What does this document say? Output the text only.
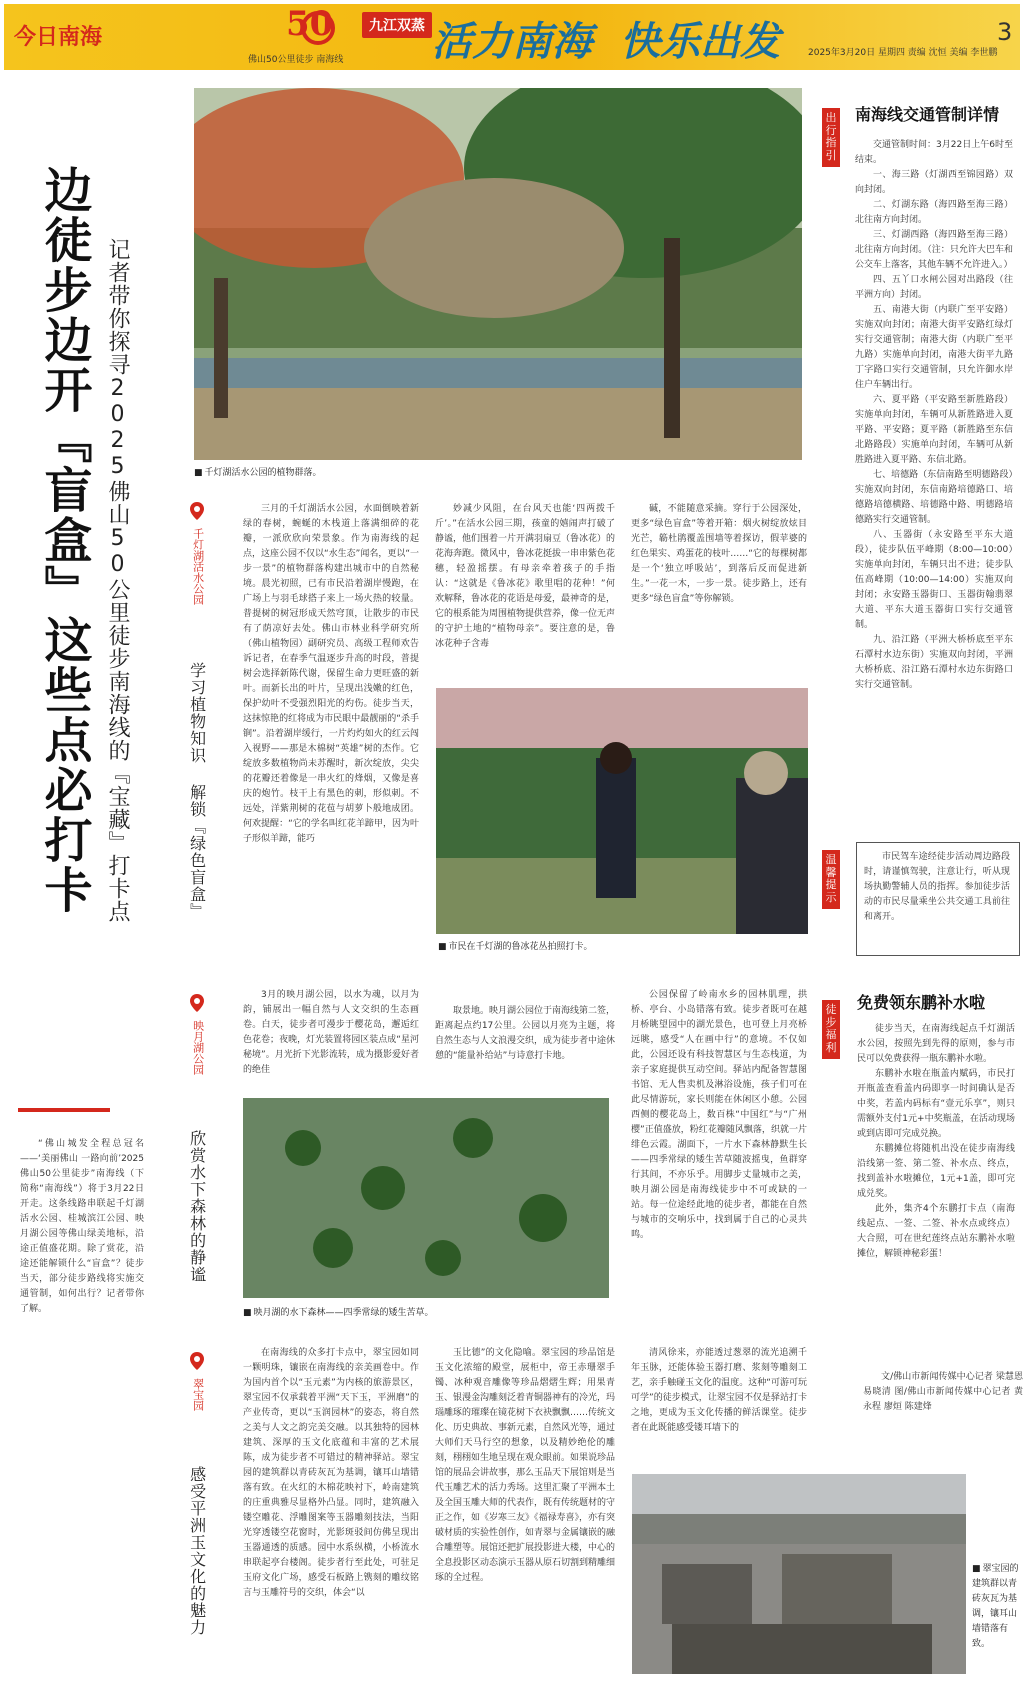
今日南海	50
佛山50公里徒步 南海线
九江双蒸 活力南海 快乐出发	3
2025年3月20日 星期四 责编 沈恒 美编 李世鹏
边徒步边开『盲盒』这些点必打卡 记者带你探寻2025佛山50公里徒步南海线的『宝藏』打卡点

“佛山城发全程总冠名——‘美丽佛山 一路向前’2025佛山50公里徒步”南海线（下简称“南海线”）将于3月22日开走。这条线路串联起千灯湖活水公园、桂城滨江公园、映月湖公园等佛山绿美地标，沿途正值盛花期。除了赏花，沿途还能解锁什么“盲盒”？徒步当天，部分徒步路线将实施交通管制，如何出行？记者带你了解。

■ 千灯湖活水公园的植物群落。
千灯湖活水公园
学习植物知识 解锁『绿色盲盒』

三月的千灯湖活水公园，水面倒映着新绿的春树，蜿蜒的木栈道上落满细碎的花瓣，一派欣欣向荣景象。作为南海线的起点，这座公园不仅以“水生态”闻名，更以“一步一景”的植物群落构建出城市中的自然秘境。晨光初照，已有市民沿着湖岸慢跑，在广场上与羽毛球搭子来上一场火热的较量。普提树的树冠形成天然穹顶，让散步的市民有了荫凉好去处。佛山市林业科学研究所（佛山植物园）副研究员、高级工程师欢告诉记者，在春季气温逐步升高的时段，普提树会选择新陈代谢，保留生命力更旺盛的新叶。而新长出的叶片，呈现出浅嫩的红色，保护幼叶不受强烈阳光的灼伤。徒步当天，这抹惊艳的红将成为市民眼中最靓丽的“杀手锏”。沿着湖岸缓行，一片灼灼如火的红云闯入视野——那是木棉树“英雄”树的杰作。它绽放多数植物尚未苏醒时，新次绽放，尖尖的花瓣还着像是一串火红的烽烟，又像是喜庆的炮竹。枝干上有黑色的刺，形似刺。不远处，洋紫荆树的花苞与胡萝卜般地成团。何欢提醒：“它的学名叫红花羊蹄甲，因为叶子形似羊蹄，能巧

妙减少风阻，在台风天也能‘四两拨千斤’。”在活水公园三期，孩童的嬉闹声打破了静谧，他们围着一片开满羽扇豆（鲁冰花）的花海奔跑。微风中，鲁冰花挺拔一串串紫色花穗，轻盈摇摆。有母亲牵着孩子的手指认：“这就是《鲁冰花》歌里唱的花种！”何欢解释，鲁冰花的花语是母爱，最神奇的是，它的根系能为周围植物提供营养，像一位无声的守护土地的“植物母亲”。要注意的是，鲁冰花种子含毒

碱，不能随意采摘。穿行于公园深处，更多“绿色盲盒”等着开箱：烟火树绽放炫目光芒，簕杜鹃覆盖围墙等着探访，假苹婆的红色果实、鸡蛋花的枝叶……“它的每棵树都是一个‘独立呼吸站’，到落后反而促进新生。”一花一木，一步一景。徒步路上，还有更多“绿色盲盒”等你解锁。

■ 市民在千灯湖的鲁冰花丛拍照打卡。
映月湖公园
欣赏水下森林的静谧

3月的映月湖公园，以水为魂，以月为韵，铺展出一幅自然与人文交织的生态画卷。白天，徒步者可漫步于樱花岛，邂逅红色花卷；夜晚，灯光装置将园区装点成“星河秘境”。月光折下光影流转，成为摄影爱好者的绝佳

取景地。映月湖公园位于南海线第二签，距离起点约17公里。公园以月亮为主题，将自然生态与人文浪漫交织，成为徒步者中途休憩的“能量补给站”与诗意打卡地。

公园保留了岭南水乡的园林肌理，拱桥、亭台、小岛错落有致。徒步者既可在越月桥眺望园中的湖光景色，也可登上月亮桥远眺，感受“人在画中行”的意境。不仅如此，公园还设有科技智慧区与生态栈道，为亲子家庭提供互动空间。驿站内配备智慧图书馆、无人售卖机及淋浴设施，孩子们可在此尽情游玩，家长则能在休闲区小憩。公园西侧的樱花岛上，数百株“中国红”与“广州樱”正值盛放，粉红花瓣随风飘落，织就一片绯色云霞。湖面下，一片水下森林静默生长——四季常绿的矮生苦草随波摇曳，鱼群穿行其间，不亦乐乎。用脚步丈量城市之美，映月湖公园是南海线徒步中不可或缺的一站。每一位途经此地的徒步者，都能在自然与城市的交响乐中，找到属于自己的心灵共鸣。

■ 映月湖的水下森林——四季常绿的矮生苦草。
翠宝园
感受平洲玉文化的魅力

在南海线的众多打卡点中，翠宝园如同一颗明珠，镶嵌在南海线的亲美画卷中。作为国内首个以“玉元素”为内核的旅游景区，翠宝园不仅承载着平洲“天下玉，平洲磨”的产业传奇，更以“玉润园林”的姿态，将自然之美与人文之韵完美交融。以其独特的园林建筑、深厚的玉文化底蕴和丰富的艺术展陈，成为徒步者不可错过的精神驿站。翠宝园的建筑群以青砖灰瓦为基调，镶耳山墙错落有致。在火红的木棉花映衬下，岭南建筑的庄重典雅尽显格外凸显。同时，建筑融入镂空雕花、浮雕图案等玉器雕刻技法，当阳光穿透镂空花窗时，光影斑驳间仿佛呈现出玉器通透的质感。园中水系纵横，小桥流水串联起亭台楼阁。徒步者行至此处，可驻足玉府文化广场，感受石板路上镌刻的雕纹铭言与玉雕符号的交织，体会“以

玉比德”的文化隐喻。翠宝园的珍品馆是玉文化浓缩的殿堂，展柜中，帝王赤珊翠手镯、冰种观音雕像等珍品熠熠生辉；用果青玉、银漫金沟雕刻泛着青铜器神有的冷光，玛瑙雕琢的璀璨在镜花树下衣袂飘飘……传统文化、历史典故、事新元素，自然风光等，通过大师们天马行空的想象，以及精妙绝伦的雕刻，栩栩如生地呈现在观众眼前。如果说珍品馆的展品会讲故事，那么玉品天下展馆则是当代玉雕艺术的活力秀场。这里汇聚了平洲本土及全国玉雕大师的代表作，既有传统题材的守正之作，如《岁寒三友》《福禄寿喜》，亦有突破材质的实验性创作，如青翠与金属镶嵌的融合雕塑等。展馆还把扩展投影进大楼，中心的全息投影区动态演示玉器从原石切割到精雕细琢的全过程。

清风徐来，亦能透过葱翠的流光追溯千年玉脉，还能体验玉器打磨、浆刻等雕刻工艺，亲手触碰玉文化的温度。这种“可游可玩可学”的徒步模式，让翠宝园不仅是驿站打卡之地，更成为玉文化传播的鲜活课堂。徒步者在此既能感受镂耳墙下的

文/佛山市新闻传媒中心记者 梁慧恩 易晓清 图/佛山市新闻传媒中心记者 黄永程 廖烜 陈建烽

■ 翠宝园的建筑群以青砖灰瓦为基调，镶耳山墙错落有致。
出行指引
南海线交通管制详情

交通管制时间：3月22日上午6时至结束。

一、海三路（灯湖西至锦园路）双向封闭。

二、灯湖东路（海四路至海三路）北往南方向封闭。

三、灯湖西路（海四路至海三路）北往南方向封闭。（注：只允许大巴车和公交车上落客，其他车辆不允许进入。）

四、五丫口水闸公园对出路段（往平洲方向）封闭。

五、南港大街（内联广至平安路）实施双向封闭；南港大街平安路红绿灯实行交通管制；南港大街（内联广至平九路）实施单向封闭，南港大街平九路丁字路口实行交通管制，只允许御水岸住户车辆出行。

六、夏平路（平安路至新胜路段）实施单向封闭，车辆可从新胜路进入夏平路、平安路；夏平路（新胜路至东信北路路段）实施单向封闭，车辆可从新胜路进入夏平路、东信北路。

七、培德路（东信南路至明德路段）实施双向封闭，东信南路培德路口、培德路培德横路、培德路中路、明德路培德路实行交通管制。

八、玉器街（永安路至平东大道段），徒步队伍平峰期（8:00—10:00）实施单向封闭，车辆只出不进；徒步队伍高峰期（10:00—14:00）实施双向封闭；永安路玉器街口、玉器街翰翡翠大道、平东大道玉器街口实行交通管制。

九、沿江路（平洲大桥桥底至平东石潭村水边东街）实施双向封闭，平洲大桥桥底、沿江路石潭村水边东街路口实行交通管制。

温馨提示

市民驾车途经徒步活动周边路段时，请谨慎驾驶，注意让行，听从现场执勤警辅人员的指挥。参加徒步活动的市民尽量乘坐公共交通工具前往和离开。

徒步福利
免费领东鹏补水啦

徒步当天，在南海线起点千灯湖活水公园，按照先到先得的原则，参与市民可以免费获得一瓶东鹏补水啦。

东鹏补水啦在瓶盖内赋码，市民打开瓶盖查看盖内码即享一时间确认是否中奖，若盖内码标有“壹元乐享”，则只需额外支付1元+中奖瓶盖，在活动现场或到店即可完成兑换。

东鹏摊位将随机出没在徒步南海线沿线第一签、第二签、补水点、终点，找到盖补水啦摊位，1元+1盖，即可完成兑奖。

此外，集齐4个东鹏打卡点（南海线起点、一签、二签、补水点或终点）大合照，可在世纪莲终点站东鹏补水啦摊位，解锁神秘彩蛋！
